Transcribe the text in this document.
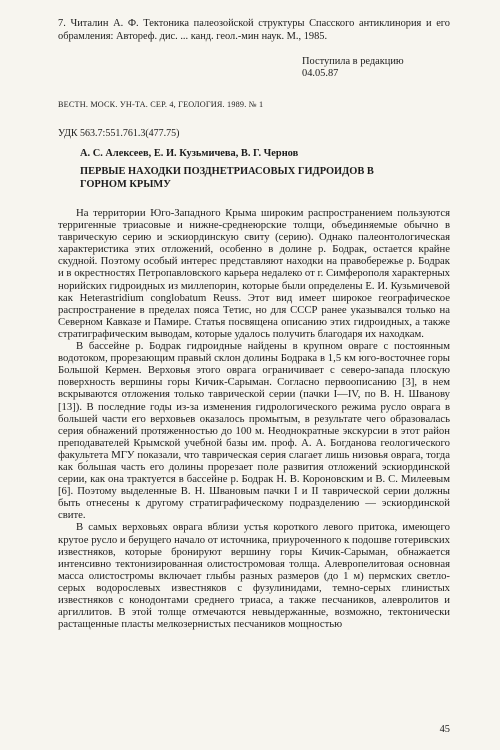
7. Читалин А. Ф. Тектоника палеозойской структуры Спасского антиклинория и его обрамления: Автореф. дис. ... канд. геол.-мин наук. М., 1985.
Поступила в редакцию
04.05.87
ВЕСТН. МОСК. УН-ТА. СЕР. 4, ГЕОЛОГИЯ. 1989. № 1
УДК 563.7:551.761.3(477.75)
А. С. Алексеев, Е. И. Кузьмичева, В. Г. Чернов
ПЕРВЫЕ НАХОДКИ ПОЗДНЕТРИАСОВЫХ ГИДРОИДОВ В ГОРНОМ КРЫМУ

На территории Юго-Западного Крыма широким распространением пользуются терригенные триасовые и нижне-среднеюрские толщи, объединяемые обычно в таврическую серию и эскиординскую свиту (серию). Однако палеонтологическая характеристика этих отложений, особенно в долине р. Бодрак, остается крайне скудной. Поэтому особый интерес представляют находки на правобережье р. Бодрак и в окрестностях Петропавловского карьера недалеко от г. Симферополя характерных норийских гидроидных из миллепорин, которые были определены Е. И. Кузьмичевой как Heterastridium conglobatum Reuss. Этот вид имеет широкое географическое распространение в пределах пояса Тетис, но для СССР ранее указывался только на Северном Кавказе и Памире. Статья посвящена описанию этих гидроидных, а также стратиграфическим выводам, которые удалось получить благодаря их находкам.

В бассейне р. Бодрак гидроидные найдены в крупном овраге с постоянным водотоком, прорезающим правый склон долины Бодрака в 1,5 км юго-восточнее горы Большой Кермен. Верховья этого оврага ограничивает с северо-запада плоскую поверхность вершины горы Кичик-Сарыман. Согласно первоописанию [3], в нем вскрываются отложения только таврической серии (пачки I—IV, по В. Н. Шванову [13]). В последние годы из-за изменения гидрологического режима русло оврага в большей части его верховьев оказалось промытым, в результате чего образовалась серия обнажений протяженностью до 100 м. Неоднократные экскурсии в этот район преподавателей Крымской учебной базы им. проф. А. А. Богданова геологического факультета МГУ показали, что таврическая серия слагает лишь низовья оврага, тогда как бо́льшая часть его долины прорезает поле развития отложений эскиординской серии, как она трактуется в бассейне р. Бодрак Н. В. Короновским и В. С. Милеевым [6]. Поэтому выделенные В. Н. Швановым пачки I и II таврической серии должны быть отнесены к другому стратиграфическому подразделению — эскиординской свите.

В самых верховьях оврага вблизи устья короткого левого притока, имеющего крутое русло и берущего начало от источника, приуроченного к подошве готеривских известняков, которые бронируют вершину горы Кичик-Сарыман, обнажается интенсивно тектонизированная олистостромовая толща. Алевропелитовая основная масса олистостромы включает глыбы разных размеров (до 1 м) пермских светло-серых водорослевых известняков с фузулинидами, темно-серых глинистых известняков с конодонтами среднего триаса, а также песчаников, алевролитов и аргиллитов. В этой толще отмечаются невыдержанные, возможно, тектонически растащенные пласты мелкозернистых песчаников мощностью

45
